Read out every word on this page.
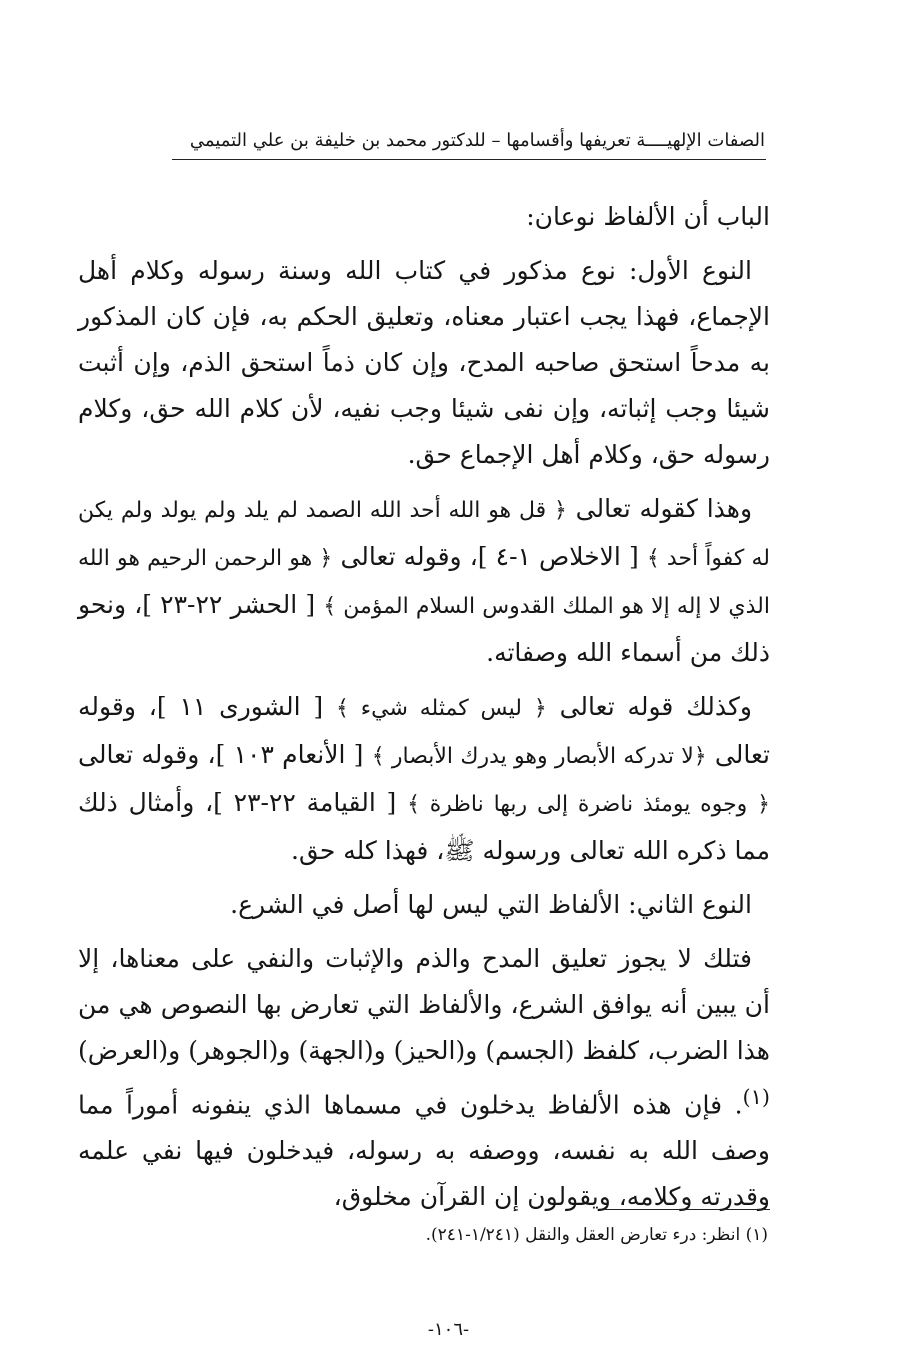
الصفات الإلهيــــة تعريفها وأقسامها – للدكتور محمد بن خليفة بن علي التميمي

الباب أن الألفاظ نوعان:

النوع الأول: نوع مذكور في كتاب الله وسنة رسوله وكلام أهل الإجماع، فهذا يجب اعتبار معناه، وتعليق الحكم به، فإن كان المذكور به مدحاً استحق صاحبه المدح، وإن كان ذماً استحق الذم، وإن أثبت شيئا وجب إثباته، وإن نفى شيئا وجب نفيه، لأن كلام الله حق، وكلام رسوله حق، وكلام أهل الإجماع حق.

وهذا كقوله تعالى ﴿ قل هو الله أحد الله الصمد لم يلد ولم يولد ولم يكن له كفواً أحد ﴾ [ الاخلاص ١-٤ ]، وقوله تعالى ﴿ هو الرحمن الرحيم هو الله الذي لا إله إلا هو الملك القدوس السلام المؤمن ﴾ [ الحشر ٢٢-٢٣ ]، ونحو ذلك من أسماء الله وصفاته.

وكذلك قوله تعالى ﴿ ليس كمثله شيء ﴾ [ الشورى ١١ ]، وقوله تعالى ﴿لا تدركه الأبصار وهو يدرك الأبصار ﴾ [ الأنعام ١٠٣ ]، وقوله تعالى ﴿ وجوه يومئذ ناضرة إلى ربها ناظرة ﴾ [ القيامة ٢٢-٢٣ ]، وأمثال ذلك مما ذكره الله تعالى ورسوله ﷺ، فهذا كله حق.

النوع الثاني: الألفاظ التي ليس لها أصل في الشرع.

فتلك لا يجوز تعليق المدح والذم والإثبات والنفي على معناها، إلا أن يبين أنه يوافق الشرع، والألفاظ التي تعارض بها النصوص هي من هذا الضرب، كلفظ (الجسم) و(الحيز) و(الجهة) و(الجوهر) و(العرض)$^{(١)}$. فإن هذه الألفاظ يدخلون في مسماها الذي ينفونه أموراً مما وصف الله به نفسه، ووصفه به رسوله، فيدخلون فيها نفي علمه وقدرته وكلامه، ويقولون إن القرآن مخلوق،

(١) انظر: درء تعارض العقل والنقل (١/٢٤١-٢٤١).
-١٠٦-
